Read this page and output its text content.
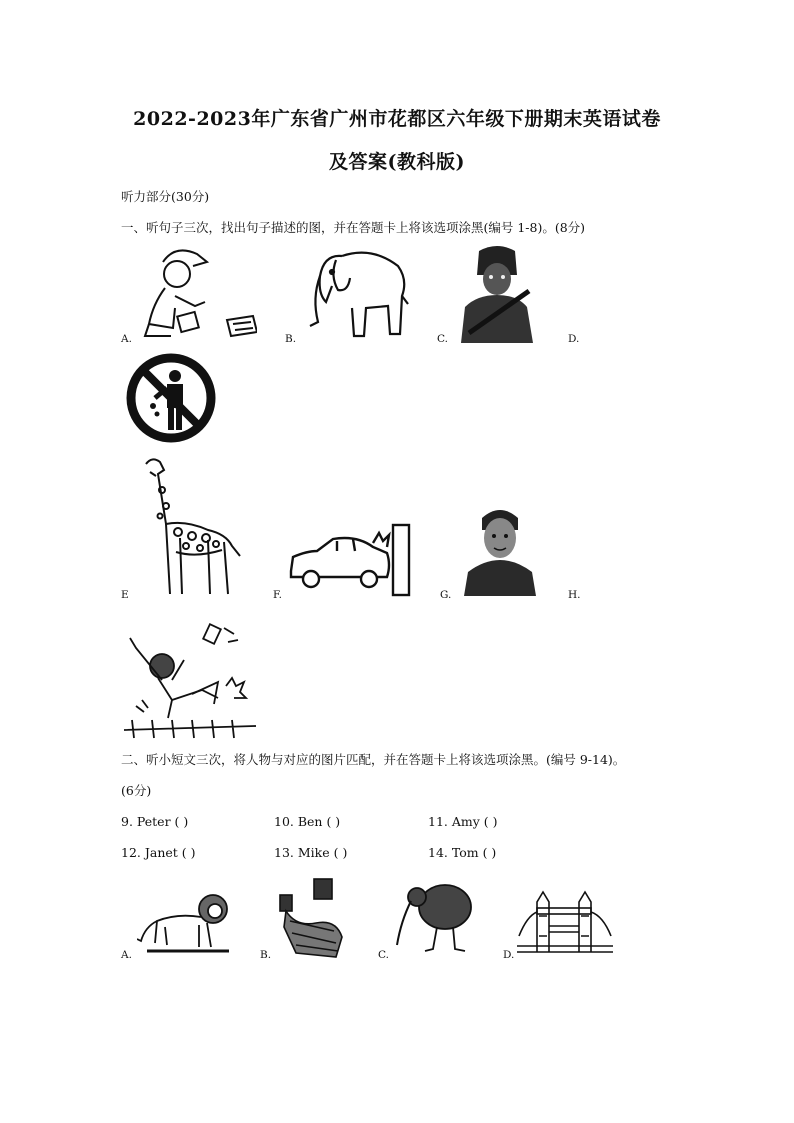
2022-2023年广东省广州市花都区六年级下册期末英语试卷
及答案(教科版)
听力部分(30分)
一、听句子三次，找出句子描述的图，并在答题卡上将该选项涂黑(编号 1-8)。(8分)
A.	B.	C.	D.
E	F.	G.	H.
二、听小短文三次，将人物与对应的图片匹配，并在答题卡上将该选项涂黑。(编号 9-14)。
(6分)
9. Peter ( )	10. Ben ( )	11. Amy ( )
12. Janet ( )	13. Mike ( )	14. Tom ( )
A.	B.	C.	D.
